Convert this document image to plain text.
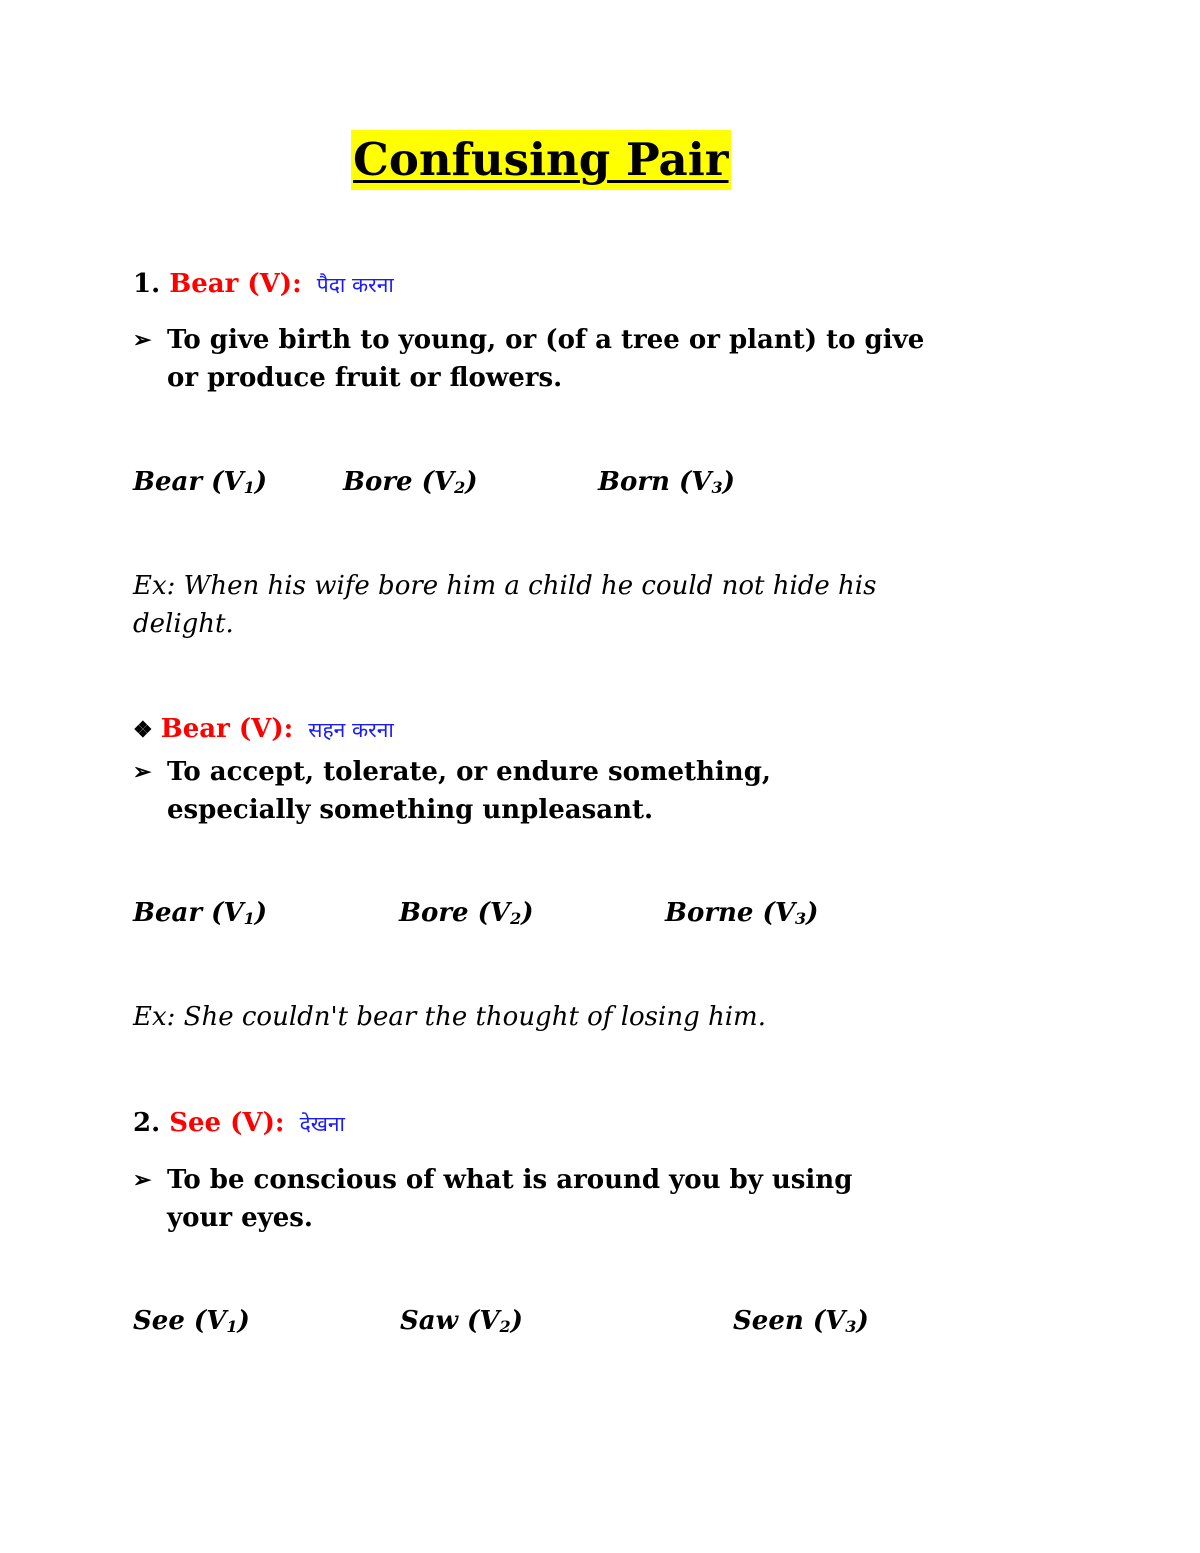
Confusing Pair
1. Bear (V): पैदा करना
➢ To give birth to young, or (of a tree or plant) to give
or produce fruit or flowers.
Bear $(V_1)$	Bore $(V_2)$	Born $(V_3)$
Ex: When his wife bore him a child he could not hide his
delight.
❖ Bear (V): सहन करना
➢ To accept, tolerate, or endure something,
especially something unpleasant.
Bear $(V_1)$	Bore $(V_2)$	Borne $(V_3)$
Ex: She couldn't bear the thought of losing him.
2. See (V): देखना
➢ To be conscious of what is around you by using
your eyes.
See $(V_1)$	Saw $(V_2)$	Seen $(V_3)$
